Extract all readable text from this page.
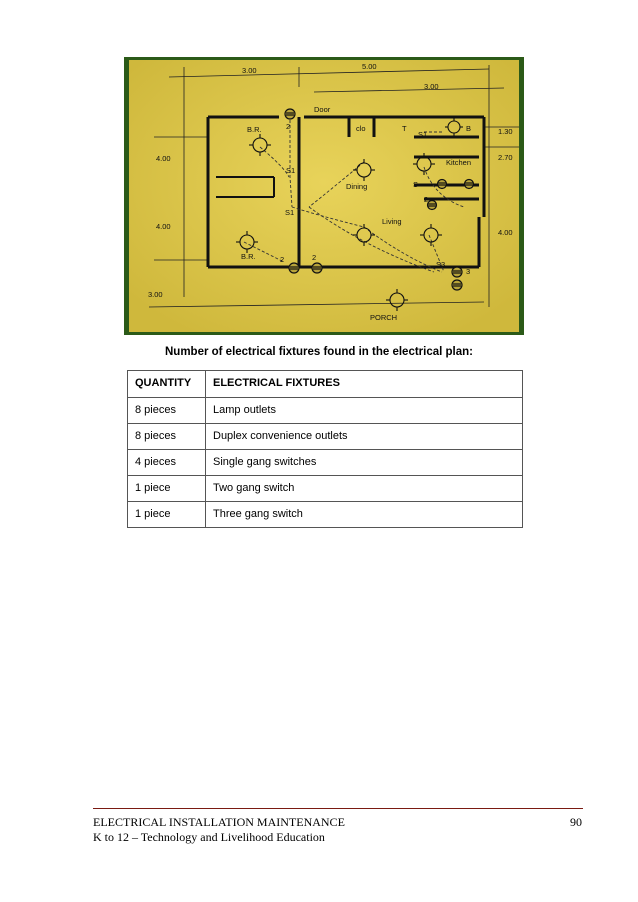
3.00	5.00
3.00
4.00
4.00
3.00
1.30
2.70
4.00
Door
B.R.
B.R.
clo	T	B
Kitchen
Dining
Living
PORCH
S1
S1
S1
S
S3
2
2	2
2
3
Number of electrical fixtures found in the electrical plan:
QUANTITY	ELECTRICAL FIXTURES
8 pieces	Lamp outlets
8 pieces	Duplex convenience outlets
4 pieces	Single gang switches
1 piece	Two gang switch
1 piece	Three gang switch
ELECTRICAL INSTALLATION MAINTENANCE
K to 12 – Technology and Livelihood Education
90
